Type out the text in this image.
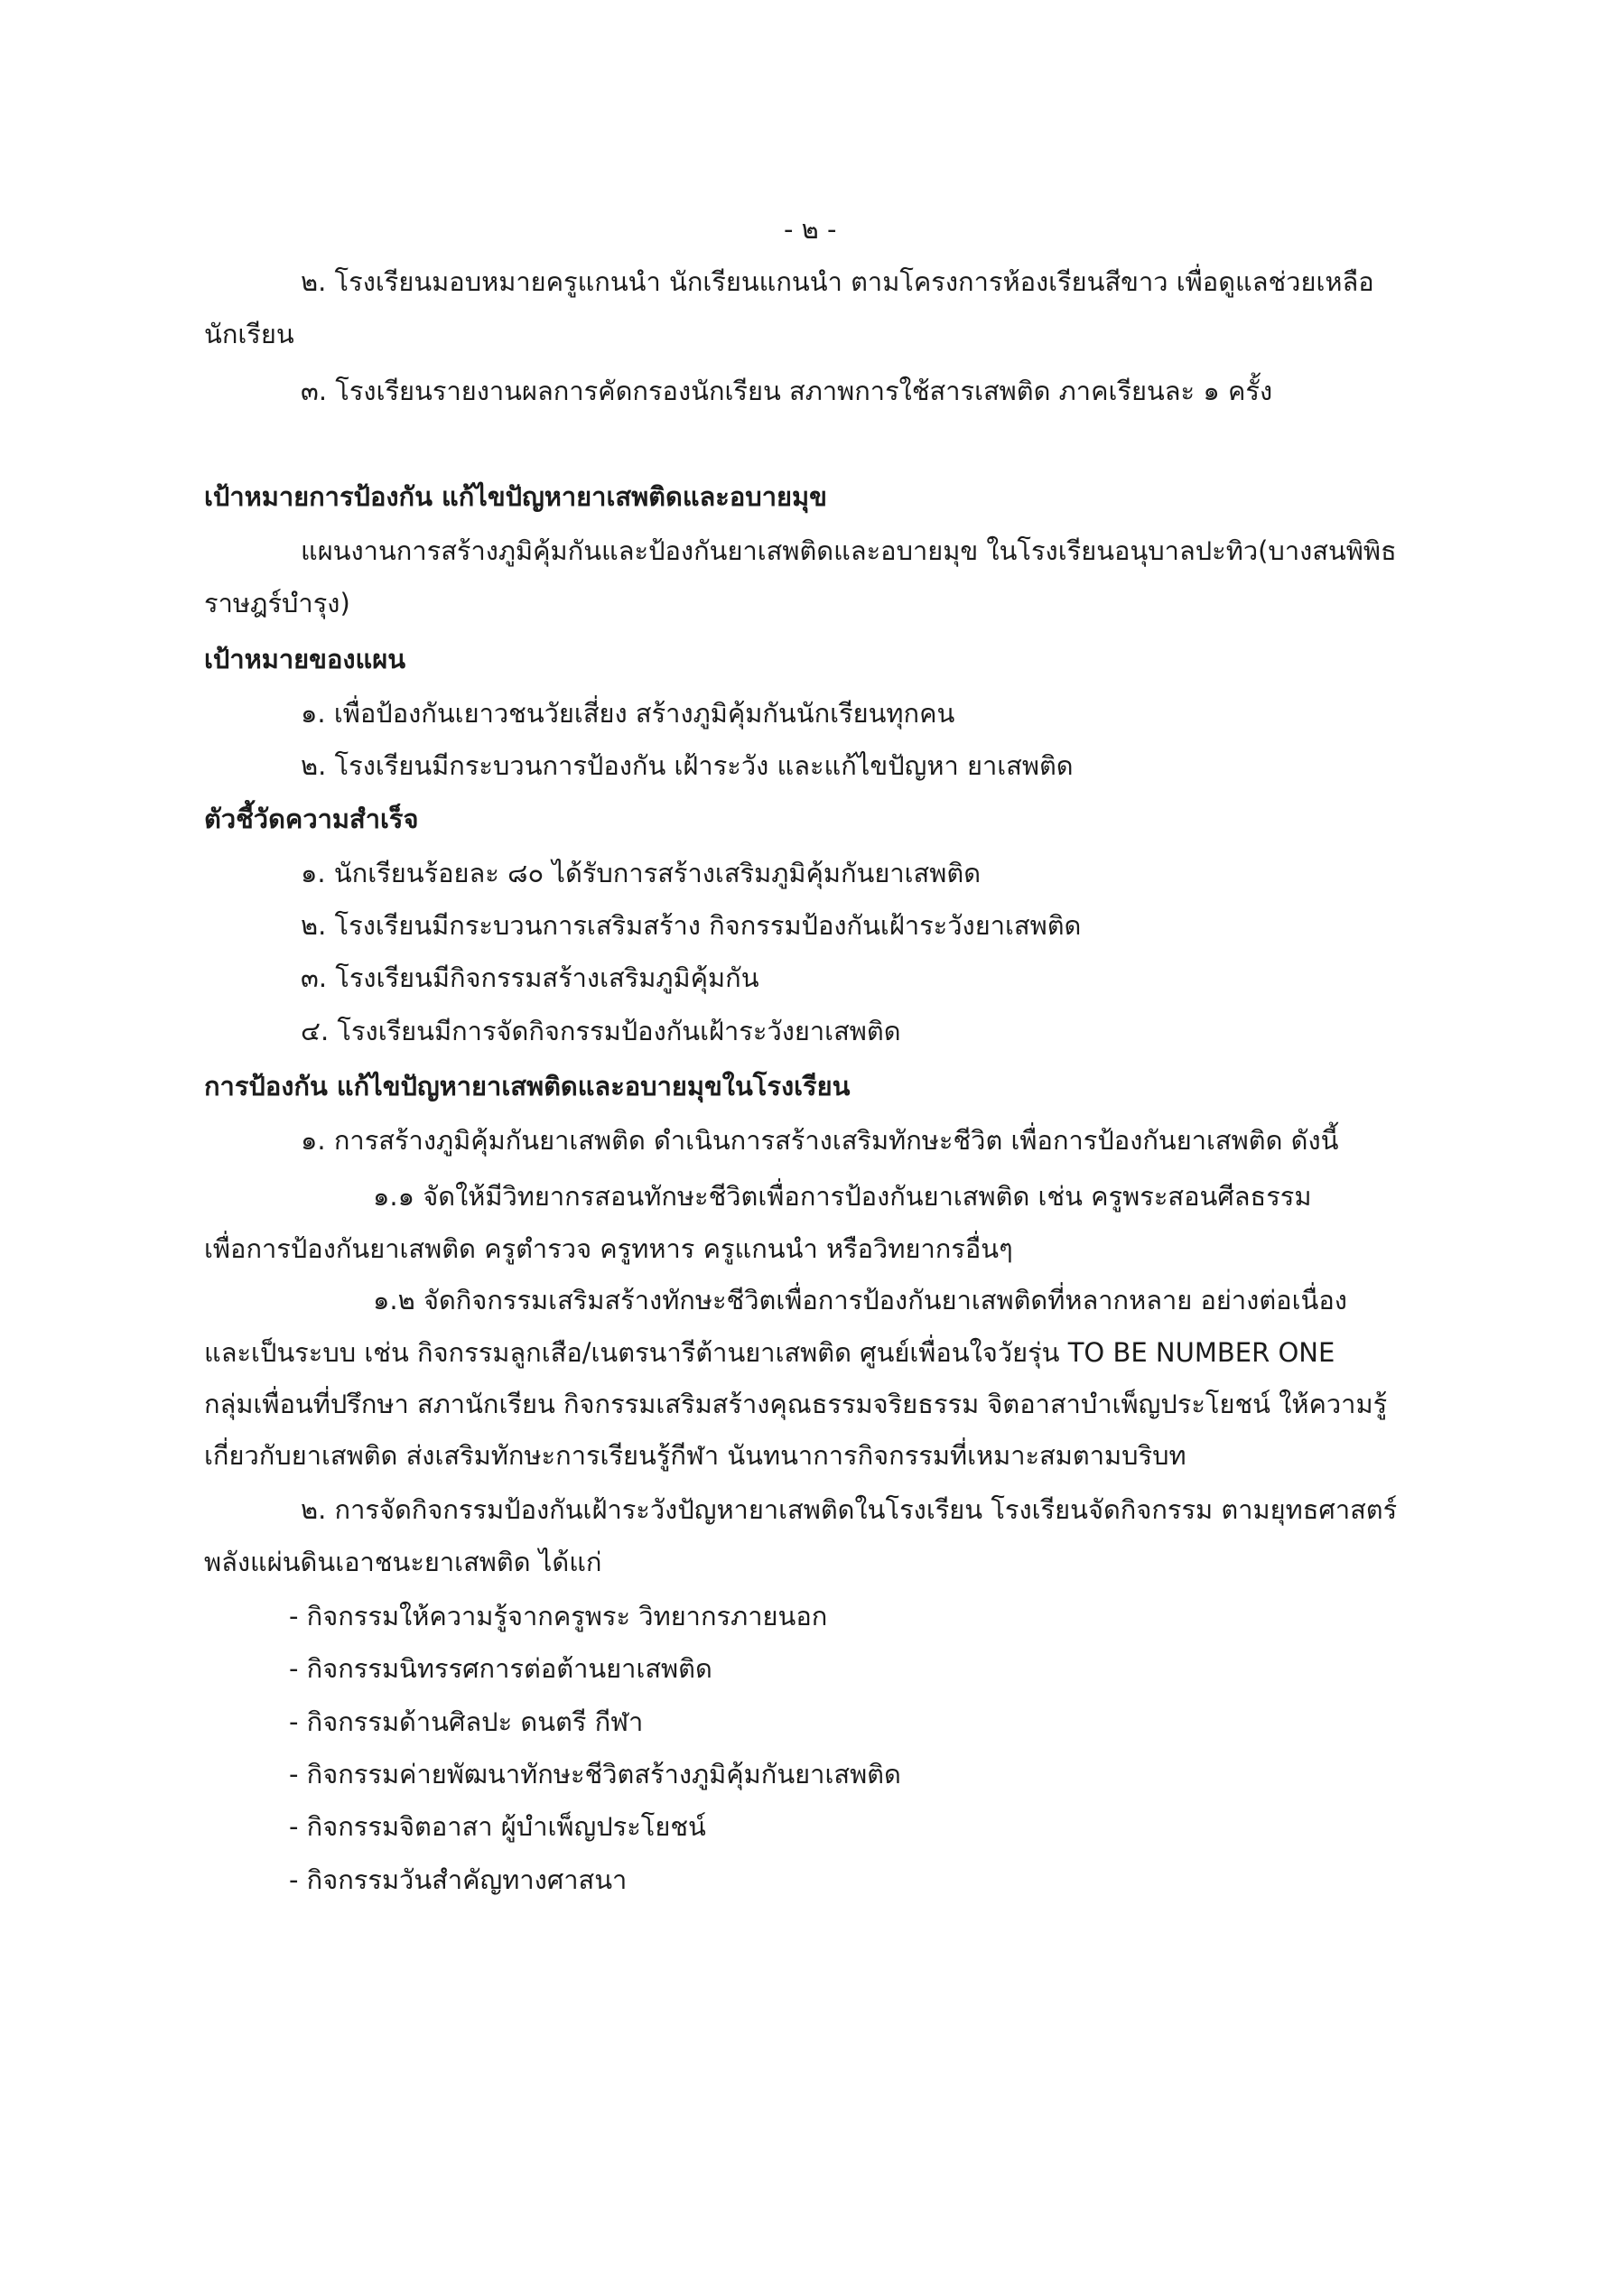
- ๒ -
๒. โรงเรียนมอบหมายครูแกนนำ นักเรียนแกนนำ ตามโครงการห้องเรียนสีขาว เพื่อดูแลช่วยเหลือ
นักเรียน
๓. โรงเรียนรายงานผลการคัดกรองนักเรียน สภาพการใช้สารเสพติด ภาคเรียนละ ๑ ครั้ง
เป้าหมายการป้องกัน แก้ไขปัญหายาเสพติดและอบายมุข
แผนงานการสร้างภูมิคุ้มกันและป้องกันยาเสพติดและอบายมุข ในโรงเรียนอนุบาลปะทิว(บางสนพิพิธ
ราษฎร์บำรุง)
เป้าหมายของแผน
๑. เพื่อป้องกันเยาวชนวัยเสี่ยง สร้างภูมิคุ้มกันนักเรียนทุกคน
๒. โรงเรียนมีกระบวนการป้องกัน เฝ้าระวัง และแก้ไขปัญหา ยาเสพติด
ตัวชี้วัดความสำเร็จ
๑. นักเรียนร้อยละ ๘๐ ได้รับการสร้างเสริมภูมิคุ้มกันยาเสพติด
๒. โรงเรียนมีกระบวนการเสริมสร้าง กิจกรรมป้องกันเฝ้าระวังยาเสพติด
๓. โรงเรียนมีกิจกรรมสร้างเสริมภูมิคุ้มกัน
๔. โรงเรียนมีการจัดกิจกรรมป้องกันเฝ้าระวังยาเสพติด
การป้องกัน แก้ไขปัญหายาเสพติดและอบายมุขในโรงเรียน
๑. การสร้างภูมิคุ้มกันยาเสพติด ดำเนินการสร้างเสริมทักษะชีวิต เพื่อการป้องกันยาเสพติด ดังนี้
๑.๑ จัดให้มีวิทยากรสอนทักษะชีวิตเพื่อการป้องกันยาเสพติด เช่น ครูพระสอนศีลธรรม
เพื่อการป้องกันยาเสพติด ครูตำรวจ ครูทหาร ครูแกนนำ หรือวิทยากรอื่นๆ
๑.๒ จัดกิจกรรมเสริมสร้างทักษะชีวิตเพื่อการป้องกันยาเสพติดที่หลากหลาย อย่างต่อเนื่อง
และเป็นระบบ เช่น กิจกรรมลูกเสือ/เนตรนารีต้านยาเสพติด ศูนย์เพื่อนใจวัยรุ่น TO BE NUMBER ONE
กลุ่มเพื่อนที่ปรึกษา สภานักเรียน กิจกรรมเสริมสร้างคุณธรรมจริยธรรม จิตอาสาบำเพ็ญประโยชน์ ให้ความรู้
เกี่ยวกับยาเสพติด ส่งเสริมทักษะการเรียนรู้กีฬา นันทนาการกิจกรรมที่เหมาะสมตามบริบท
๒. การจัดกิจกรรมป้องกันเฝ้าระวังปัญหายาเสพติดในโรงเรียน โรงเรียนจัดกิจกรรม ตามยุทธศาสตร์
พลังแผ่นดินเอาชนะยาเสพติด ได้แก่
- กิจกรรมให้ความรู้จากครูพระ วิทยากรภายนอก
- กิจกรรมนิทรรศการต่อต้านยาเสพติด
- กิจกรรมด้านศิลปะ ดนตรี กีฬา
- กิจกรรมค่ายพัฒนาทักษะชีวิตสร้างภูมิคุ้มกันยาเสพติด
- กิจกรรมจิตอาสา ผู้บำเพ็ญประโยชน์
- กิจกรรมวันสำคัญทางศาสนา
